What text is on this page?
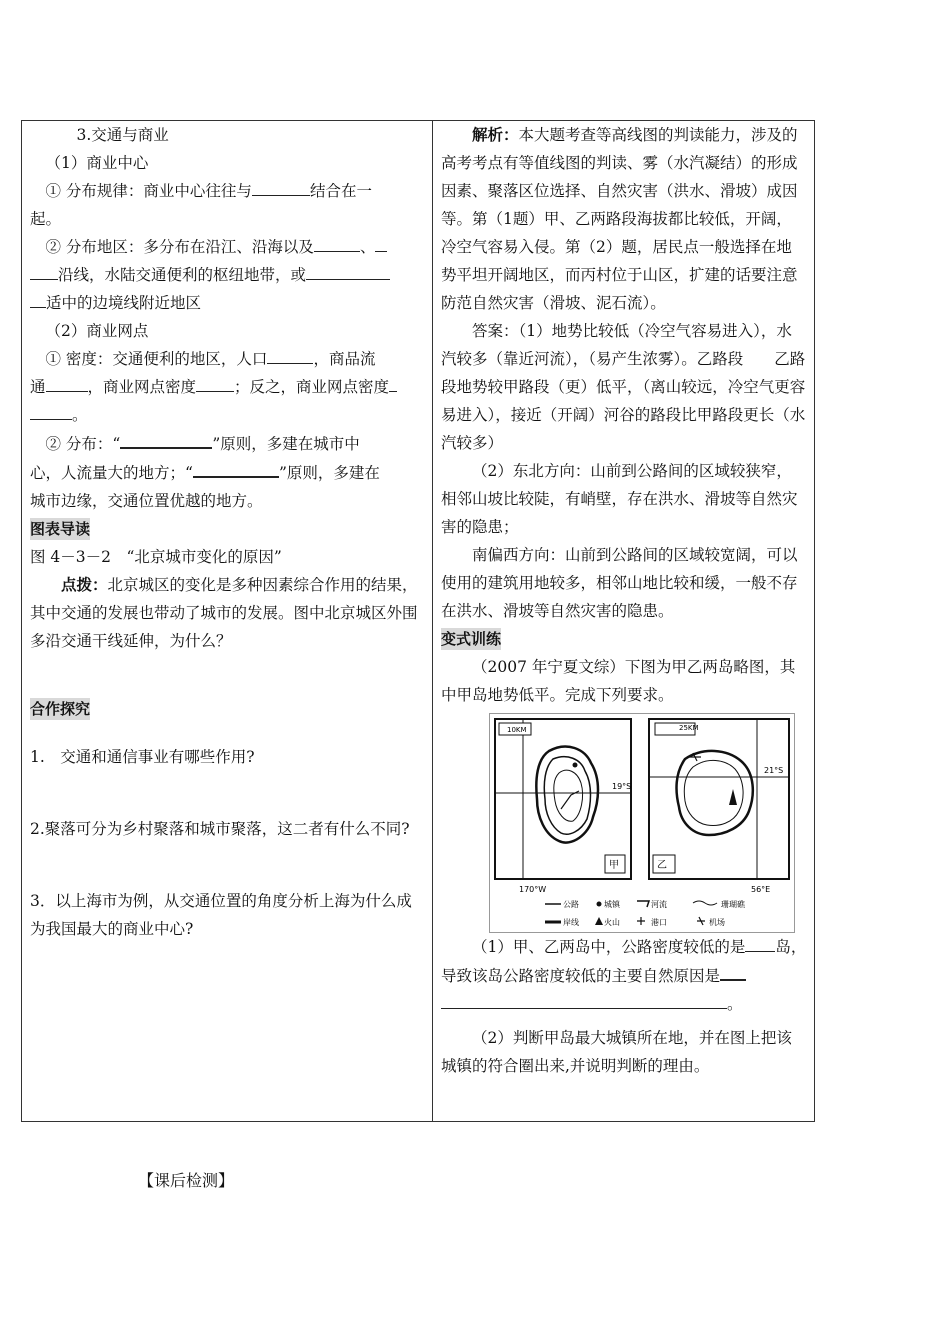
3.交通与商业

（1）商业中心

① 分布规律：商业中心往往与	结合在一

起。

② 分布地区：多分布在沿江、沿海以及	、

沿线，水陆交通便利的枢纽地带，或

适中的边境线附近地区

（2）商业网点

① 密度：交通便利的地区，人口	，商品流

通	，商业网点密度 ；反之，商业网点密度

。

② 分布：“	”原则，多建在城市中

心，人流量大的地方；“	”原则，多建在

城市边缘，交通位置优越的地方。

图表导读

图 4－3－2　“北京城市变化的原因”

点拨：北京城区的变化是多种因素综合作用的结果，其中交通的发展也带动了城市的发展。图中北京城区外围多沿交通干线延伸，为什么？

合作探究

1.　交通和通信事业有哪些作用?

2.聚落可分为乡村聚落和城市聚落，这二者有什么不同?

3．以上海市为例，从交通位置的角度分析上海为什么成为我国最大的商业中心?

解析：本大题考查等高线图的判读能力，涉及的高考考点有等值线图的判读、雾（水汽凝结）的形成因素、聚落区位选择、自然灾害（洪水、滑坡）成因等。第（1题）甲、乙两路段海拔都比较低，开阔，冷空气容易入侵。第（2）题，居民点一般选择在地势平坦开阔地区，而丙村位于山区，扩建的话要注意防范自然灾害（滑坡、泥石流）。

答案：（1）地势比较低（冷空气容易进入），水汽较多（靠近河流），（易产生浓雾）。乙路段　　乙路段地势较甲路段（更）低平，（离山较远，冷空气更容易进入），接近（开阔）河谷的路段比甲路段更长（水汽较多）

（2）东北方向：山前到公路间的区域较狭窄，相邻山坡比较陡，有峭壁，存在洪水、滑坡等自然灾害的隐患；

南偏西方向：山前到公路间的区域较宽阔，可以使用的建筑用地较多，相邻山地比较和缓，一般不存在洪水、滑坡等自然灾害的隐患。

变式训练

（2007 年宁夏文综）下图为甲乙两岛略图，其中甲岛地势低平。完成下列要求。

10KM
19°S
甲
170°W
25KM
21°S
乙
56°E
公路	城镇	河流	珊瑚礁
岸线	火山	港口	机场

（1）甲、乙两岛中，公路密度较低的是 岛，导致该岛公路密度较低的主要自然原因是

。

（2）判断甲岛最大城镇所在地，并在图上把该城镇的符合圈出来,并说明判断的理由。

【课后检测】
